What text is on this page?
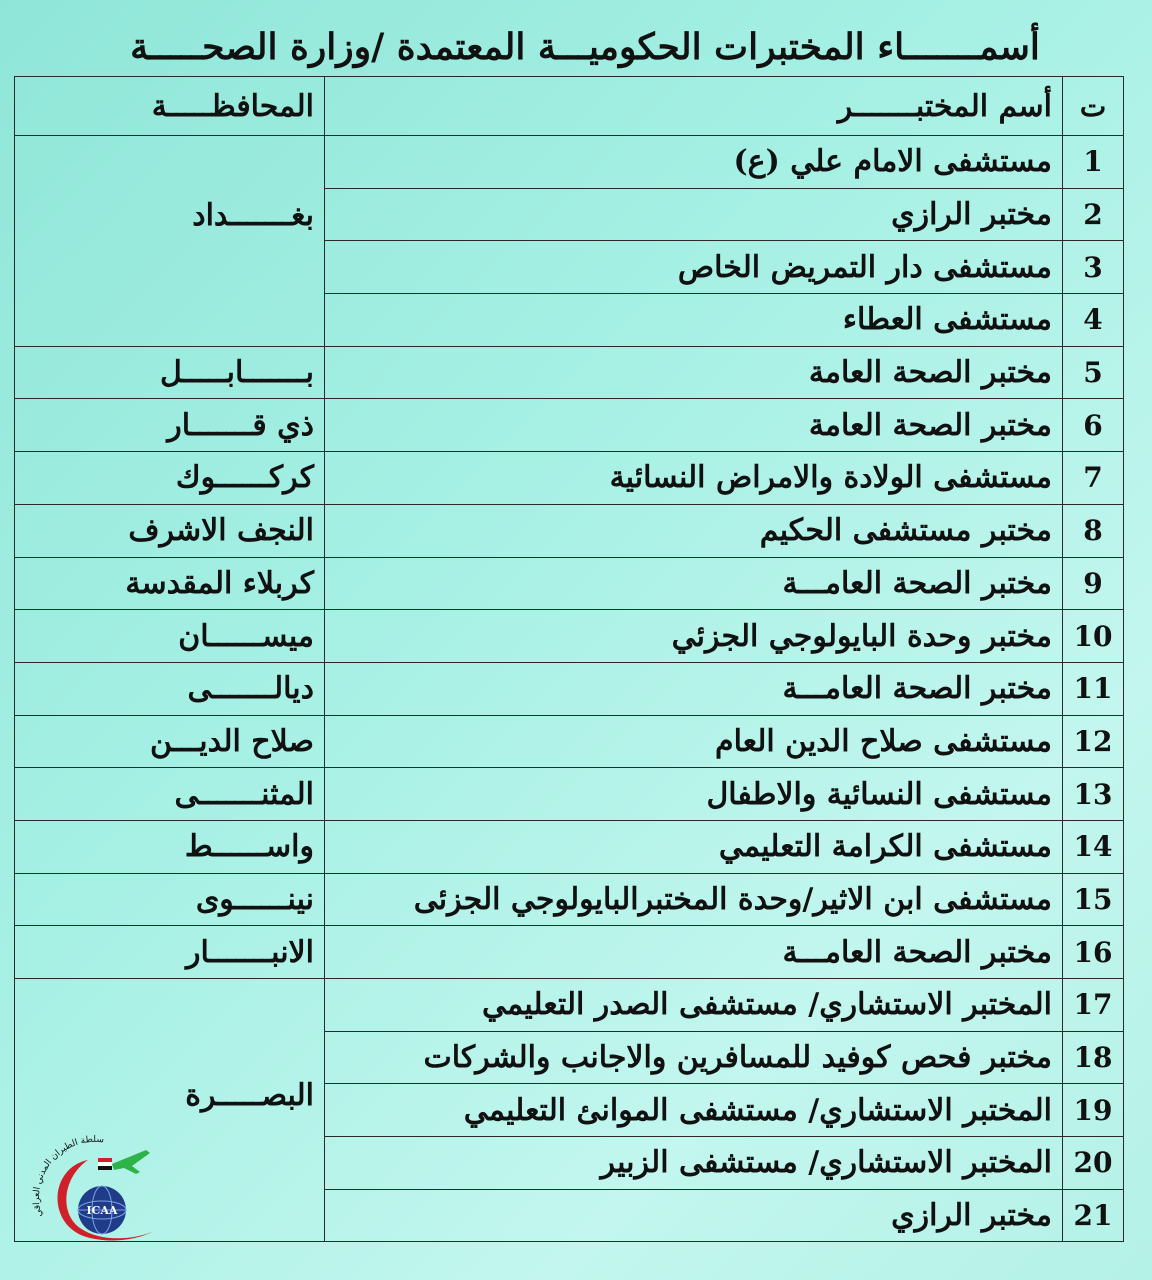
أسمـــــــاء المختبرات الحكوميـــة المعتمدة /وزارة الصحـــــة
ت	أسم المختبـــــــر	المحافظـــــة
1	مستشفى الامام علي (ع)	بغـــــــداد
2	مختبر الرازي	
3	مستشفى دار التمريض الخاص	
4	مستشفى العطاء	
5	مختبر الصحة العامة	بـــــــابـــــل
6	مختبر الصحة العامة	ذي قـــــــار
7	مستشفى الولادة والامراض النسائية	كركــــــوك
8	مختبر مستشفى الحكيم	النجف الاشرف
9	مختبر الصحة العامـــة	كربلاء المقدسة
10	مختبر وحدة البايولوجي الجزئي	ميســــــان
11	مختبر الصحة العامـــة	ديالـــــــى
12	مستشفى صلاح الدين العام	صلاح الديـــن
13	مستشفى النسائية والاطفال	المثنـــــــى
14	مستشفى الكرامة التعليمي	واســــــط
15	مستشفى ابن الاثير/وحدة المختبرالبايولوجي الجزئى	نينــــــوى
16	مختبر الصحة العامـــة	الانبـــــــار
17	المختبر الاستشاري/ مستشفى الصدر التعليمي	البصـــــرة

18	مختبر فحص كوفيد للمسافرين والاجانب والشركات	
19	المختبر الاستشاري/ مستشفى الموانئ التعليمي	
20	المختبر الاستشاري/ مستشفى الزبير	
21	مختبر الرازي	
سلطة الطيران المدني العراقي
ICAA
